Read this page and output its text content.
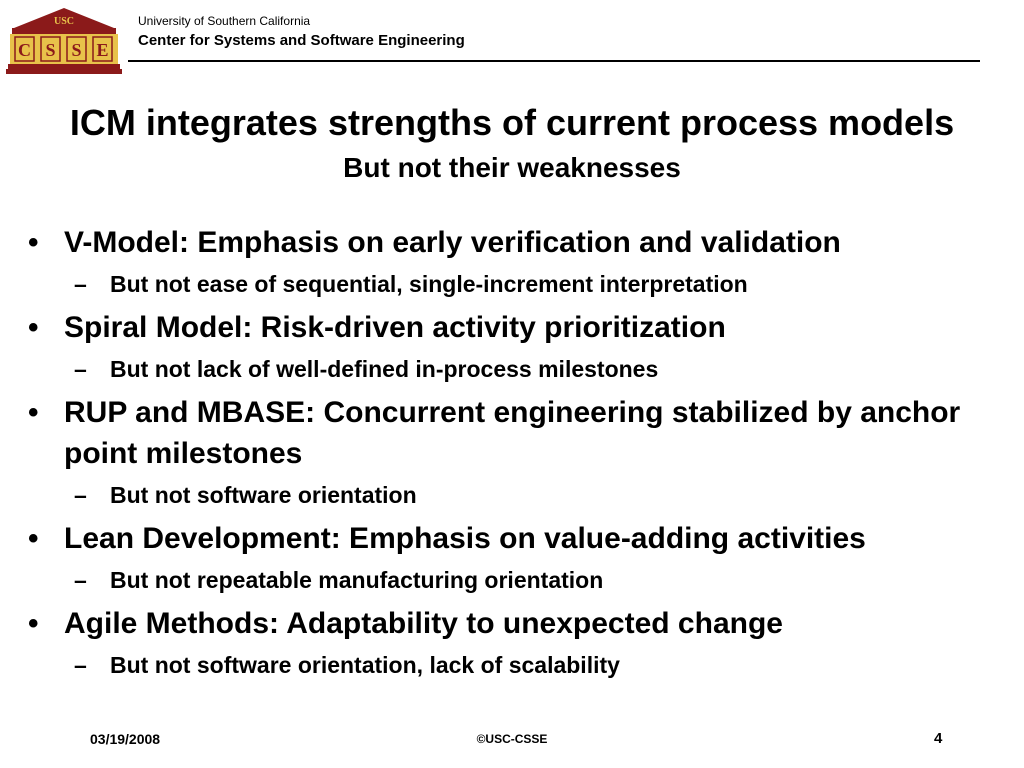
USC
C S S E
University of Southern California
Center for Systems and Software Engineering
ICM integrates strengths of current process models
But not their weaknesses
• V-Model: Emphasis on early verification and validation
– But not ease of sequential, single-increment interpretation
• Spiral Model: Risk-driven activity prioritization
– But not lack of well-defined in-process milestones
• RUP and MBASE: Concurrent engineering stabilized by anchor point milestones
– But not software orientation
• Lean Development: Emphasis on value-adding activities
– But not repeatable manufacturing orientation
• Agile Methods: Adaptability to unexpected change
– But not software orientation, lack of scalability
03/19/2008	©USC-CSSE	4
